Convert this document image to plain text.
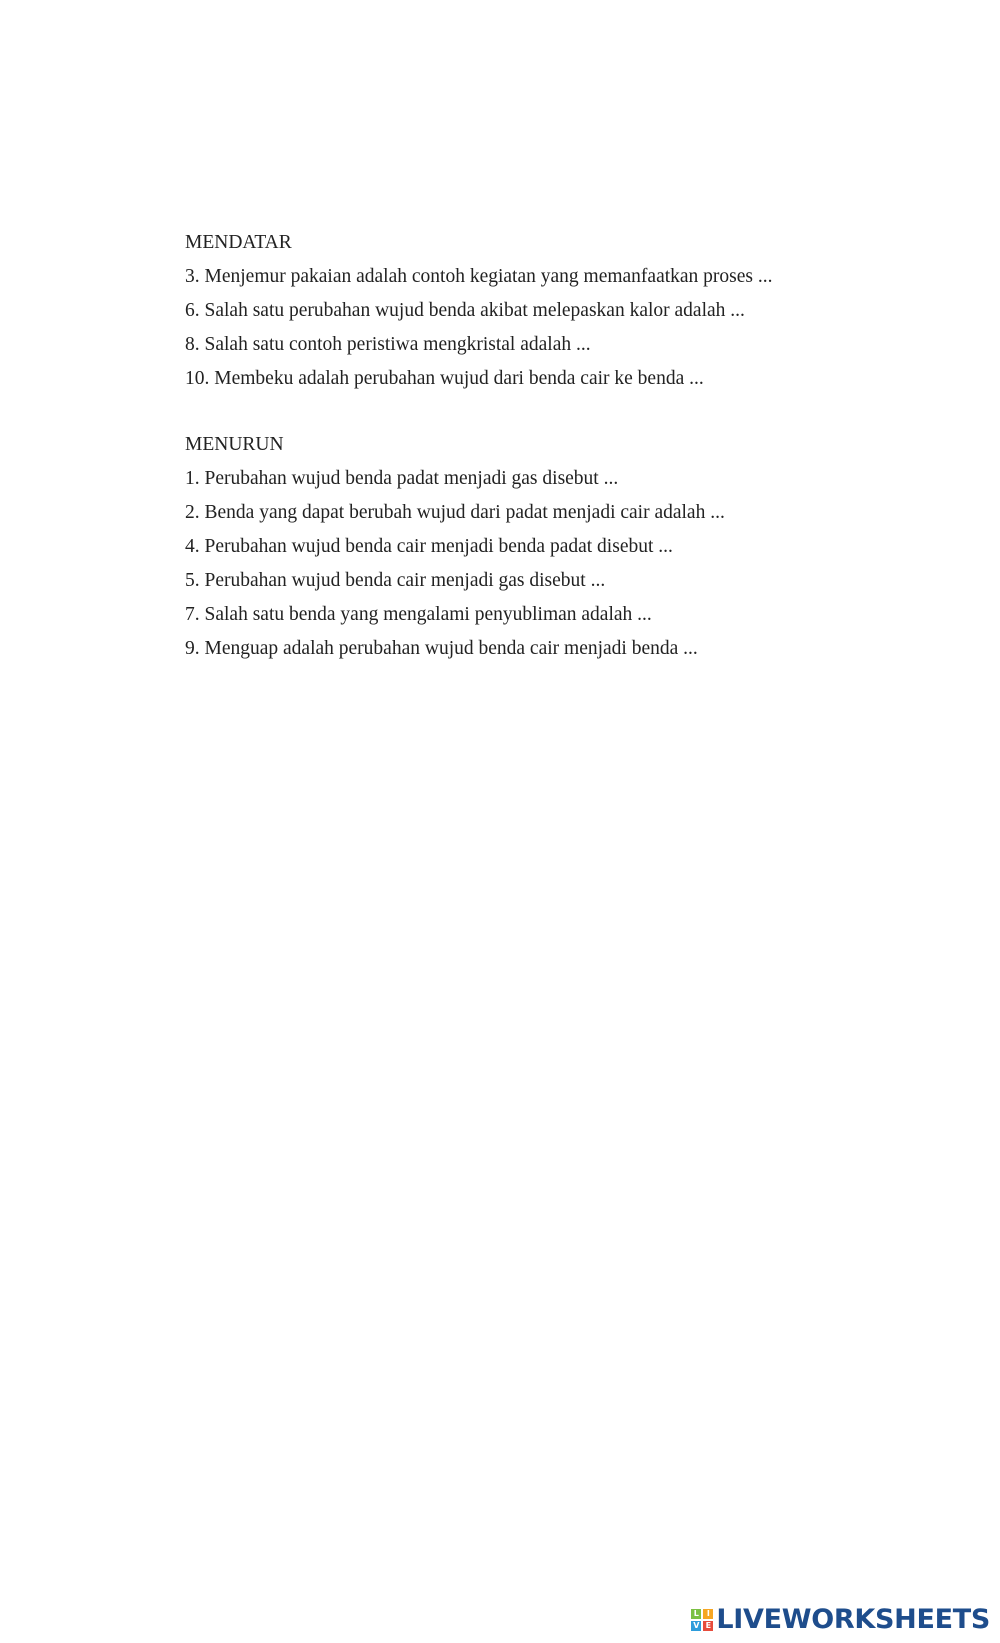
MENDATAR

3. Menjemur pakaian adalah contoh kegiatan yang memanfaatkan proses ...

6. Salah satu perubahan wujud benda akibat melepaskan kalor adalah ...

8. Salah satu contoh peristiwa mengkristal adalah ...

10. Membeku adalah perubahan wujud dari benda cair ke benda ...

MENURUN

1. Perubahan wujud benda padat menjadi gas disebut ...

2. Benda yang dapat berubah wujud dari padat menjadi cair adalah ...

4. Perubahan wujud benda cair menjadi benda padat disebut ...

5. Perubahan wujud benda cair menjadi gas disebut ...

7. Salah satu benda yang mengalami penyubliman adalah ...

9. Menguap adalah perubahan wujud benda cair menjadi benda ...

L I
V E LIVEWORKSHEETS
